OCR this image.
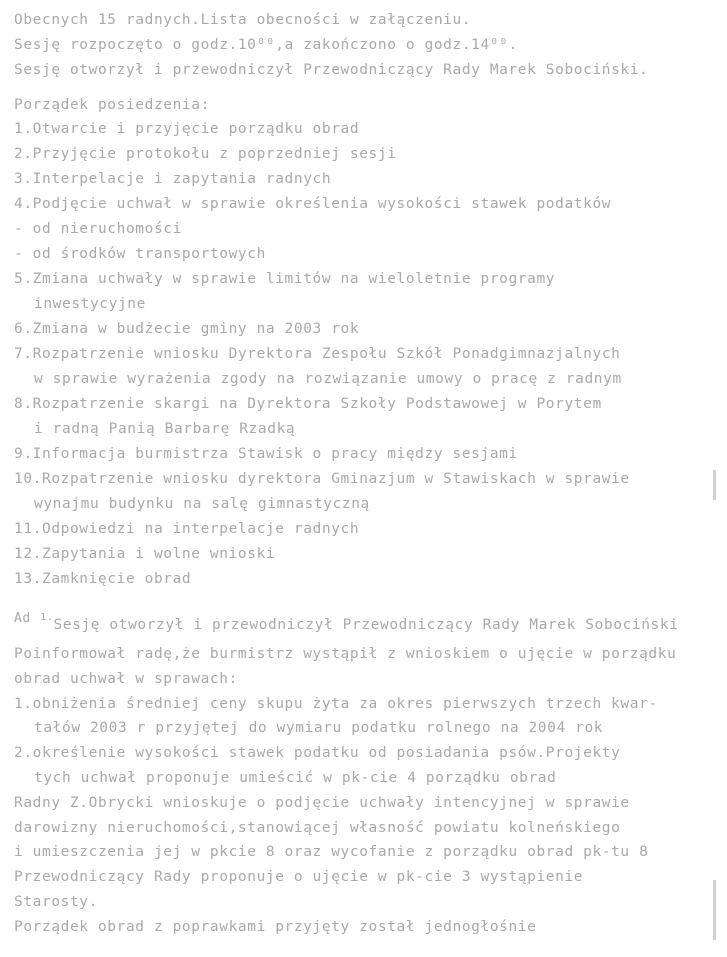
Obecnych 15 radnych.Lista obecności w załączeniu.

Sesję rozpoczęto o godz.10⁰⁰,a zakończono o godz.14⁰⁰.

Sesję otworzył i przewodniczył Przewodniczący Rady Marek Sobociński.

Porządek posiedzenia:

1.Otwarcie i przyjęcie porządku obrad
2.Przyjęcie protokołu z poprzedniej sesji
3.Interpelacje i zapytania radnych
4.Podjęcie uchwał w sprawie określenia wysokości stawek podatków
- od nieruchomości
- od środków transportowych
5.Zmiana uchwały w sprawie limitów na wieloletnie programy
inwestycyjne
6.Zmiana w budżecie gminy na 2003 rok
7.Rozpatrzenie wniosku Dyrektora Zespołu Szkół Ponadgimnazjalnych
w sprawie wyrażenia zgody na rozwiązanie umowy o pracę z radnym
8.Rozpatrzenie skargi na Dyrektora Szkoły Podstawowej w Porytem
i radną Panią Barbarę Rzadką
9.Informacja burmistrza Stawisk o pracy między sesjami
10.Rozpatrzenie wniosku dyrektora Gminazjum w Stawiskach w sprawie
wynajmu budynku na salę gimnastyczną
11.Odpowiedzi na interpelacje radnych
12.Zapytania i wolne wnioski
13.Zamknięcie obrad

Ad $^{1.}$Sesję otworzył i przewodniczył Przewodniczący Rady Marek Sobociński

Poinformował radę,że burmistrz wystąpił z wnioskiem o ujęcie w porządku
obrad uchwał w sprawach:
1.obniżenia średniej ceny skupu żyta za okres pierwszych trzech kwar-
tałów 2003 r przyjętej do wymiaru podatku rolnego na 2004 rok
2.określenie wysokości stawek podatku od posiadania psów.Projekty
tych uchwał proponuje umieścić w pk-cie 4 porządku obrad
Radny Z.Obrycki wnioskuje o podjęcie uchwały intencyjnej w sprawie
darowizny nieruchomości,stanowiącej własność powiatu kolneńskiego
i umieszczenia jej w pkcie 8 oraz wycofanie z porządku obrad pk-tu 8
Przewodniczący Rady proponuje o ujęcie w pk-cie 3 wystąpienie
Starosty.
Porządek obrad z poprawkami przyjęty został jednogłośnie
